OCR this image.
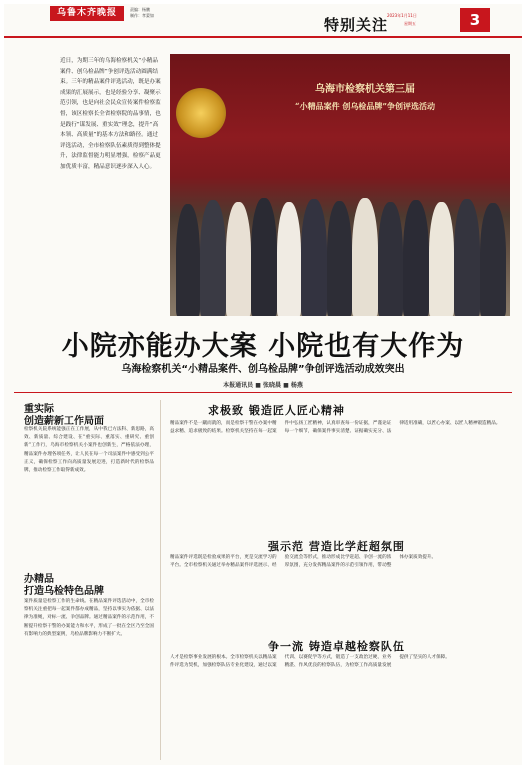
乌鲁木齐晚报	责编：杨鹏
制作：孝蒙如
特别关注
2023年1月11日
星期五	3
近日，为期三年的乌海检察机关“小精品案件、创乌检品牌”争创评选活动圆满结束。三年的精品案件评选活动，既是办案成果的汇展展示，也是经验分享、凝聚示范引领，也是向社会民众宣传案件检察监督，该区检察长全省检察院的品事情，也是践行“谋发展、重实效”理念，提升“高本领、高质量”的基本方法和路径。通过评选活动，全市检察队伍素质得到整体提升，法律监督能力明显增强，检察产品更加优质丰富，精品意识逐步深入人心。
乌海市检察机关第三届
“小精品案件 创乌检品牌”争创评选活动
小院亦能办大案 小院也有大作为
乌海检察机关“小精品案件、创乌检品牌”争创评选活动成效突出
本报通讯员 ■ 张晓晨 ■ 杨燕
重实际
创造薪新工作局面
检察机关院系统能强正在工作展，从中我已方法科、新思路，高效、新质量、综合建设、在“重实际、重落实、重研究、重创新”工作行，乌海市检察机关小案件也创新生，严格依法办理，精品案件办理各项任务，让人民在每一个司法案件中感受到公平正义，确保检察工作向高质量发展迈进，打造新时代的检察品牌，推动检察工作取得新成效。
办精品
打造乌检特色品牌
案件质量是检察工作的生命线。在精品案件评选活动中，全市检察机关注重把每一起案件都办成精品，坚持以事实为依据、以法律为准绳，对标一流、争创品牌。通过精品案件的示范作用，不断提升检察干警的办案能力和水平，形成了一批在全区乃至全国有影响力的典型案例，乌检品牌影响力不断扩大。
求极致 锻造匠人匠心精神
精品案件不是一蹴而就的，而是检察干警在办案中精益求精、追求极致的结果。检察机关坚持在每一起案件中弘扬工匠精神，认真审查每一份证据，严谨论证每一个细节，确保案件事实清楚、证据确实充分、法律适用准确，以匠心办案、以匠人精神锻造精品。
强示范 营造比学赶超氛围
精品案件评选既是检验成果的平台，更是交流学习的平台。全市检察机关通过举办精品案件评选展示、经验交流会等形式，推动形成比学赶超、争创一流的浓厚氛围，充分发挥精品案件的示范引领作用，带动整体办案质效提升。
争一流 铸造卓越检察队伍
人才是检察事业发展的根本。全市检察机关以精品案件评选为契机，加强检察队伍专业化建设，通过以案代训、以赛促学等方式，锻造了一支政治过硬、业务精湛、作风优良的检察队伍，为检察工作高质量发展提供了坚实的人才保障。
